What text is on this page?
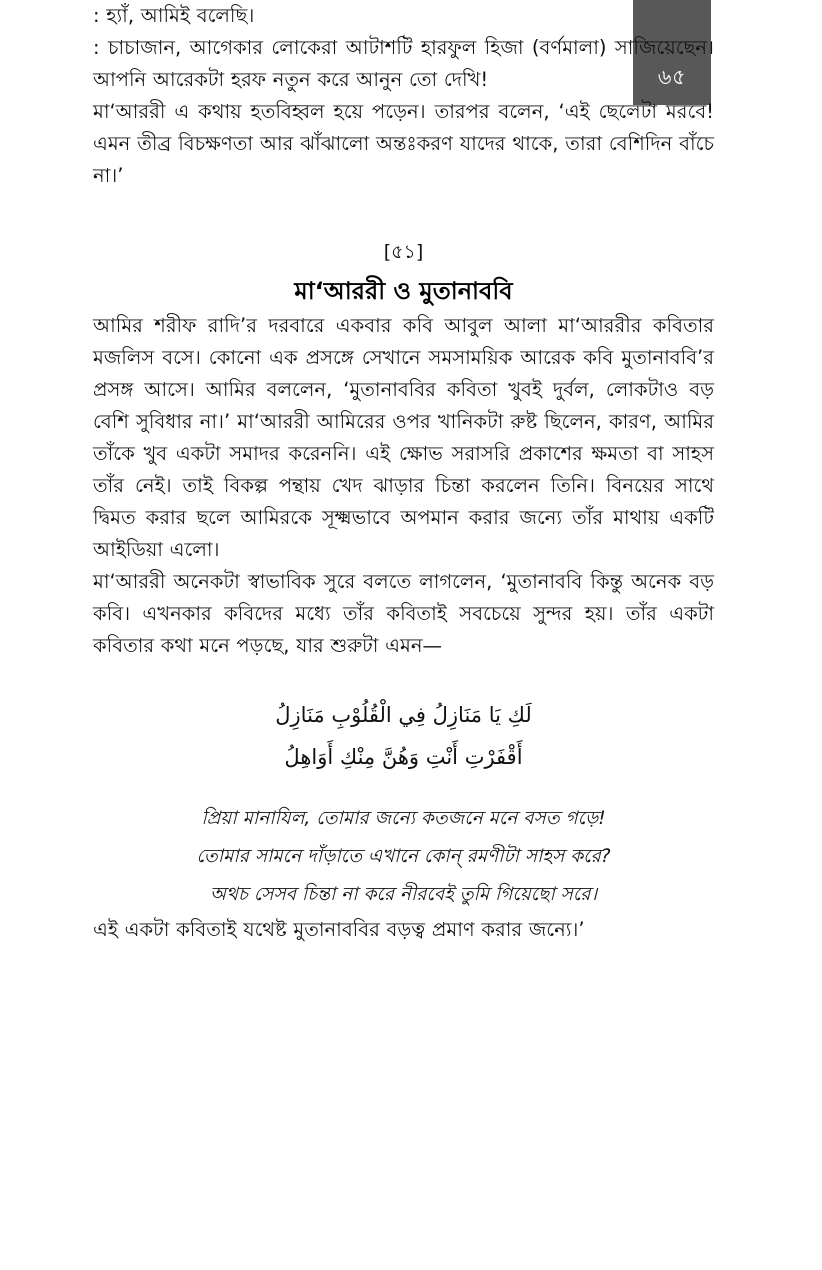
৬৫

: হ্যাঁ, আমিই বলেছি।

: চাচাজান, আগেকার লোকেরা আটাশটি হারফুল হিজা (বর্ণমালা) সাজিয়েছেন। আপনি আরেকটা হরফ নতুন করে আনুন তো দেখি!

মা‘আররী এ কথায় হতবিহ্বল হয়ে পড়েন। তারপর বলেন, ‘এই ছেলেটা মরবে! এমন তীব্র বিচক্ষণতা আর ঝাঁঝালো অন্তঃকরণ যাদের থাকে, তারা বেশিদিন বাঁচে না।’

[৫১]

মা‘আররী ও মুতানাববি

আমির শরীফ রাদি’র দরবারে একবার কবি আবুল আলা মা‘আররীর কবিতার মজলিস বসে। কোনো এক প্রসঙ্গে সেখানে সমসাময়িক আরেক কবি মুতানাববি’র প্রসঙ্গ আসে। আমির বললেন, ‘মুতানাববির কবিতা খুবই দুর্বল, লোকটাও বড় বেশি সুবিধার না।’ মা‘আররী আমিরের ওপর খানিকটা রুষ্ট ছিলেন, কারণ, আমির তাঁকে খুব একটা সমাদর করেননি। এই ক্ষোভ সরাসরি প্রকাশের ক্ষমতা বা সাহস তাঁর নেই। তাই বিকল্প পন্থায় খেদ ঝাড়ার চিন্তা করলেন তিনি। বিনয়ের সাথে দ্বিমত করার ছলে আমিরকে সূক্ষ্মভাবে অপমান করার জন্যে তাঁর মাথায় একটি আইডিয়া এলো।

মা‘আররী অনেকটা স্বাভাবিক সুরে বলতে লাগলেন, ‘মুতানাববি কিন্তু অনেক বড় কবি। এখনকার কবিদের মধ্যে তাঁর কবিতাই সবচেয়ে সুন্দর হয়। তাঁর একটা কবিতার কথা মনে পড়ছে, যার শুরুটা এমন—

لَكِ يَا مَنَازِلُ فِي الْقُلُوْبِ مَنَازِلُ
أَقْفَرْتِ أَنْتِ وَهُنَّ مِنْكِ أَوَاهِلُ
প্রিয়া মানাযিল, তোমার জন্যে কতজনে মনে বসত গড়ে!
তোমার সামনে দাঁড়াতে এখানে কোন্ রমণীটা সাহস করে?
অথচ সেসব চিন্তা না করে নীরবেই তুমি গিয়েছো সরে।

এই একটা কবিতাই যথেষ্ট মুতানাববির বড়ত্ব প্রমাণ করার জন্যে।’
